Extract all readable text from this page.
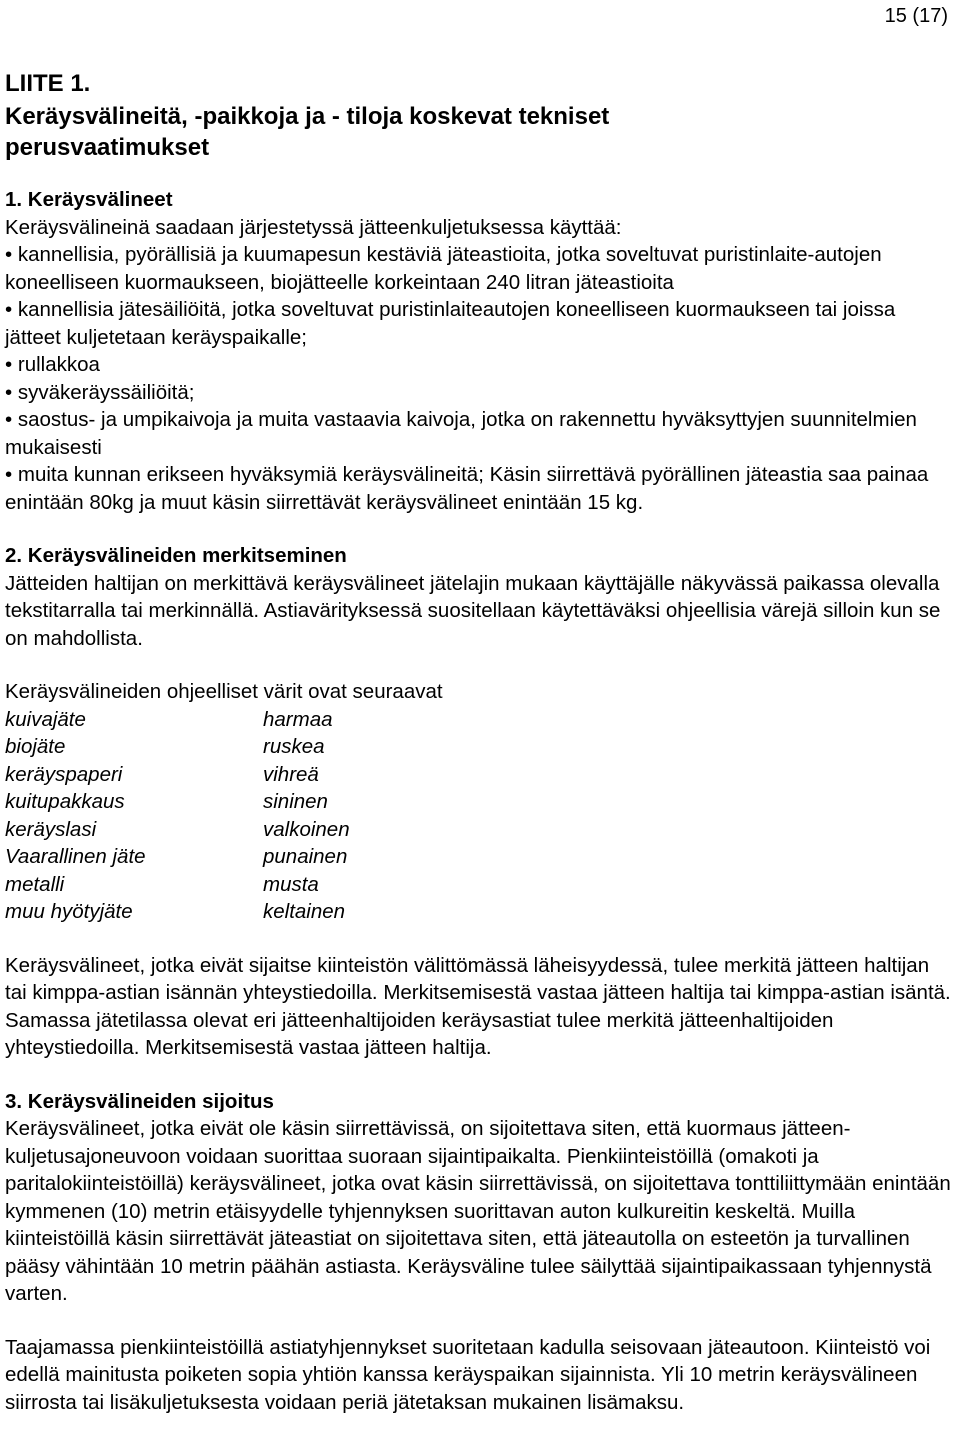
15 (17)
LIITE 1.
Keräysvälineitä, -paikkoja ja - tiloja koskevat tekniset
perusvaatimukset
1. Keräysvälineet

Keräysvälineinä saadaan järjestetyssä jätteenkuljetuksessa käyttää:

• kannellisia, pyörällisiä ja kuumapesun kestäviä jäteastioita, jotka soveltuvat puristinlaite-autojen koneelliseen kuormaukseen, biojätteelle korkeintaan 240 litran jäteastioita
• kannellisia jätesäiliöitä, jotka soveltuvat puristinlaiteautojen koneelliseen kuormaukseen tai joissa jätteet kuljetetaan keräyspaikalle;
• rullakkoa
• syväkeräyssäiliöitä;
• saostus- ja umpikaivoja ja muita vastaavia kaivoja, jotka on rakennettu hyväksyttyjen suunnitelmien mukaisesti
• muita kunnan erikseen hyväksymiä keräysvälineitä; Käsin siirrettävä pyörällinen jäteastia saa painaa enintään 80kg ja muut käsin siirrettävät keräysvälineet enintään 15 kg.
2. Keräysvälineiden merkitseminen

Jätteiden haltijan on merkittävä keräysvälineet jätelajin mukaan käyttäjälle näkyvässä paikassa olevalla tekstitarralla tai merkinnällä. Astiavärityksessä suositellaan käytettäväksi ohjeellisia värejä silloin kun se on mahdollista.

Keräysvälineiden ohjeelliset värit ovat seuraavat

kuivajäte	harmaa
biojäte	ruskea
keräyspaperi	vihreä
kuitupakkaus	sininen
keräyslasi	valkoinen
Vaarallinen jäte	punainen
metalli	musta
muu hyötyjäte	keltainen

Keräysvälineet, jotka eivät sijaitse kiinteistön välittömässä läheisyydessä, tulee merkitä jätteen haltijan tai kimppa-astian isännän yhteystiedoilla. Merkitsemisestä vastaa jätteen haltija tai kimppa-astian isäntä. Samassa jätetilassa olevat eri jätteenhaltijoiden keräysastiat tulee merkitä jätteenhaltijoiden yhteystiedoilla. Merkitsemisestä vastaa jätteen haltija.

3. Keräysvälineiden sijoitus

Keräysvälineet, jotka eivät ole käsin siirrettävissä, on sijoitettava siten, että kuormaus jätteen- kuljetusajoneuvoon voidaan suorittaa suoraan sijaintipaikalta. Pienkiinteistöillä (omakoti ja paritalokiinteistöillä) keräysvälineet, jotka ovat käsin siirrettävissä, on sijoitettava tonttiliittymään enintään kymmenen (10) metrin etäisyydelle tyhjennyksen suorittavan auton kulkureitin keskeltä. Muilla kiinteistöillä käsin siirrettävät jäteastiat on sijoitettava siten, että jäteautolla on esteetön ja turvallinen pääsy vähintään 10 metrin päähän astiasta. Keräysväline tulee säilyttää sijaintipaikassaan tyhjennystä varten.

Taajamassa pienkiinteistöillä astiatyhjennykset suoritetaan kadulla seisovaan jäteautoon. Kiinteistö voi edellä mainitusta poiketen sopia yhtiön kanssa keräyspaikan sijainnista. Yli 10 metrin keräysvälineen siirrosta tai lisäkuljetuksesta voidaan periä jätetaksan mukainen lisämaksu.
